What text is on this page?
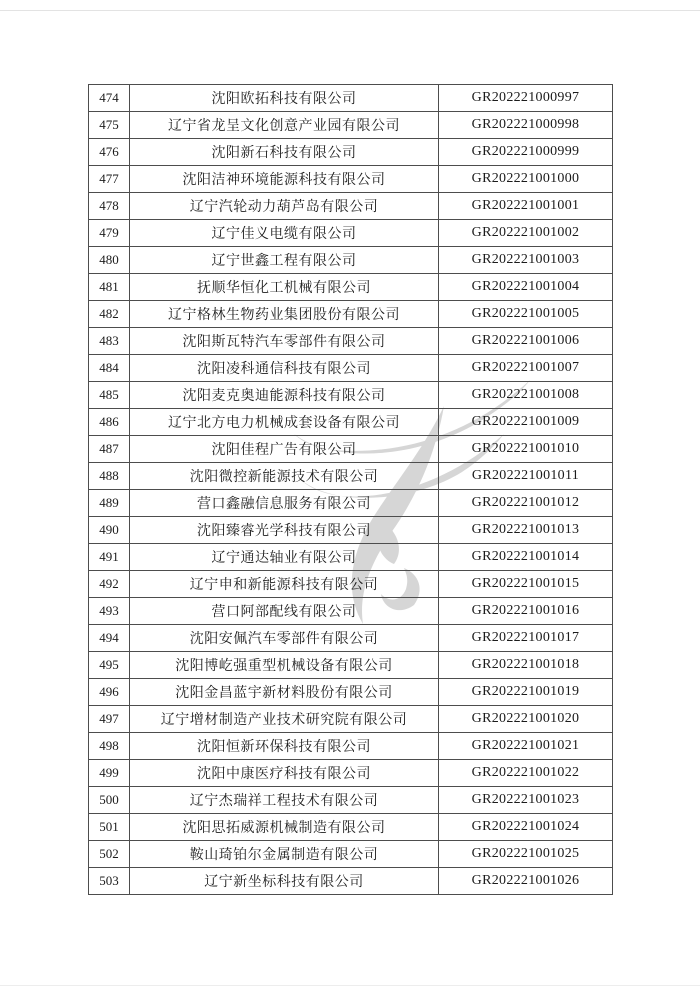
474	沈阳欧拓科技有限公司	GR202221000997
475	辽宁省龙呈文化创意产业园有限公司	GR202221000998
476	沈阳新石科技有限公司	GR202221000999
477	沈阳洁神环境能源科技有限公司	GR202221001000
478	辽宁汽轮动力葫芦岛有限公司	GR202221001001
479	辽宁佳义电缆有限公司	GR202221001002
480	辽宁世鑫工程有限公司	GR202221001003
481	抚顺华恒化工机械有限公司	GR202221001004
482	辽宁格林生物药业集团股份有限公司	GR202221001005
483	沈阳斯瓦特汽车零部件有限公司	GR202221001006
484	沈阳凌科通信科技有限公司	GR202221001007
485	沈阳麦克奥迪能源科技有限公司	GR202221001008
486	辽宁北方电力机械成套设备有限公司	GR202221001009
487	沈阳佳程广告有限公司	GR202221001010
488	沈阳微控新能源技术有限公司	GR202221001011
489	营口鑫融信息服务有限公司	GR202221001012
490	沈阳臻睿光学科技有限公司	GR202221001013
491	辽宁通达轴业有限公司	GR202221001014
492	辽宁申和新能源科技有限公司	GR202221001015
493	营口阿部配线有限公司	GR202221001016
494	沈阳安佩汽车零部件有限公司	GR202221001017
495	沈阳博屹强重型机械设备有限公司	GR202221001018
496	沈阳金昌蓝宇新材料股份有限公司	GR202221001019
497	辽宁增材制造产业技术研究院有限公司	GR202221001020
498	沈阳恒新环保科技有限公司	GR202221001021
499	沈阳中康医疗科技有限公司	GR202221001022
500	辽宁杰瑞祥工程技术有限公司	GR202221001023
501	沈阳思拓威源机械制造有限公司	GR202221001024
502	鞍山琦铂尔金属制造有限公司	GR202221001025
503	辽宁新坐标科技有限公司	GR202221001026
